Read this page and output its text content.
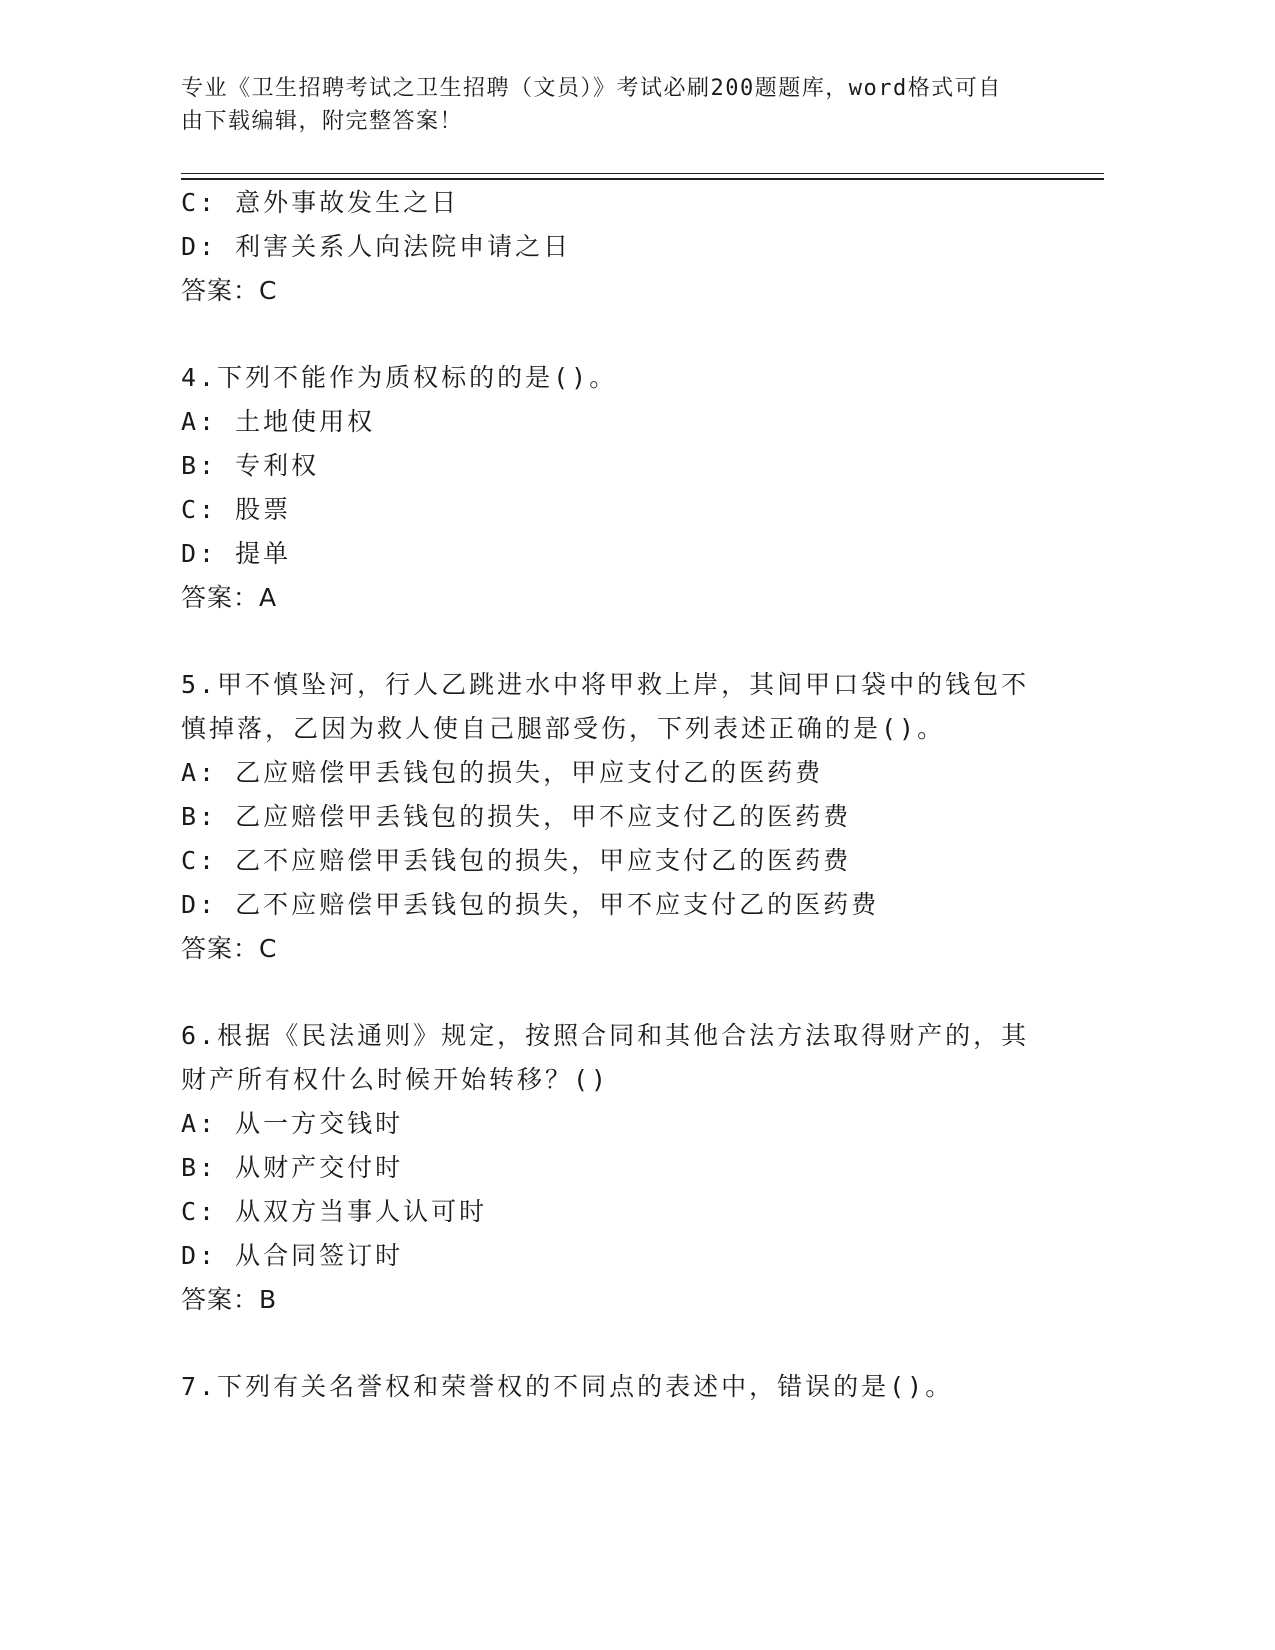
专业《卫生招聘考试之卫生招聘（文员）》考试必刷200题题库，word格式可自
由下载编辑，附完整答案！
C: 意外事故发生之日
D: 利害关系人向法院申请之日
答案：C
4.下列不能作为质权标的的是()。
A: 土地使用权
B: 专利权
C: 股票
D: 提单
答案：A
5.甲不慎坠河，行人乙跳进水中将甲救上岸，其间甲口袋中的钱包不
慎掉落，乙因为救人使自己腿部受伤，下列表述正确的是()。
A: 乙应赔偿甲丢钱包的损失，甲应支付乙的医药费
B: 乙应赔偿甲丢钱包的损失，甲不应支付乙的医药费
C: 乙不应赔偿甲丢钱包的损失，甲应支付乙的医药费
D: 乙不应赔偿甲丢钱包的损失，甲不应支付乙的医药费
答案：C
6.根据《民法通则》规定，按照合同和其他合法方法取得财产的，其
财产所有权什么时候开始转移？()
A: 从一方交钱时
B: 从财产交付时
C: 从双方当事人认可时
D: 从合同签订时
答案：B
7.下列有关名誉权和荣誉权的不同点的表述中，错误的是()。
